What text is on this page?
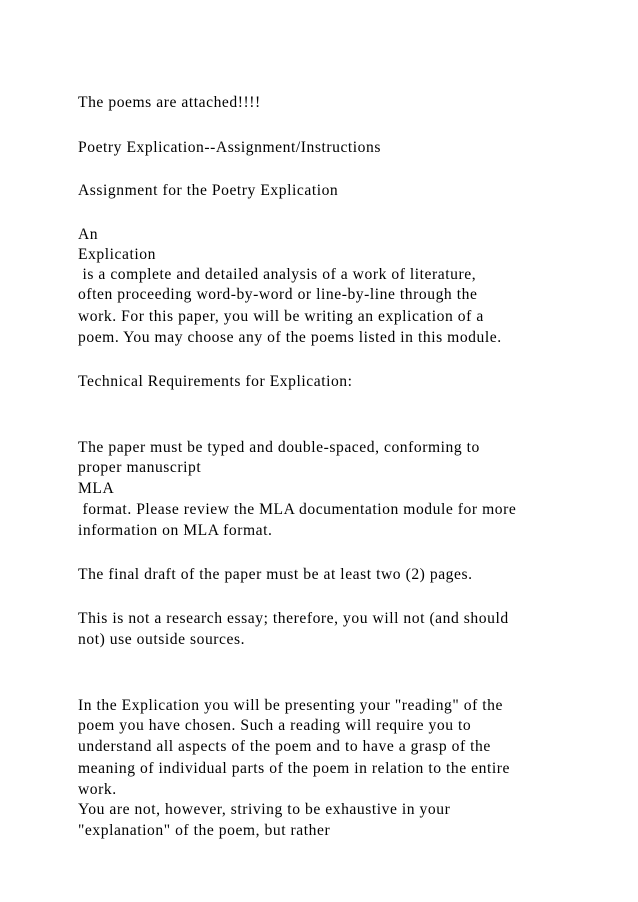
The poems are attached!!!!
Poetry Explication--Assignment/Instructions
Assignment for the Poetry Explication
An
Explication
is a complete and detailed analysis of a work of literature,
often proceeding word-by-word or line-by-line through the
work. For this paper, you will be writing an explication of a
poem. You may choose any of the poems listed in this module.
Technical Requirements for Explication:
The paper must be typed and double-spaced, conforming to
proper manuscript
MLA
format. Please review the MLA documentation module for more
information on MLA format.
The final draft of the paper must be at least two (2) pages.
This is not a research essay; therefore, you will not (and should
not) use outside sources.
In the Explication you will be presenting your "reading" of the
poem you have chosen. Such a reading will require you to
understand all aspects of the poem and to have a grasp of the
meaning of individual parts of the poem in relation to the entire
work.
You are not, however, striving to be exhaustive in your
"explanation" of the poem, but rather
